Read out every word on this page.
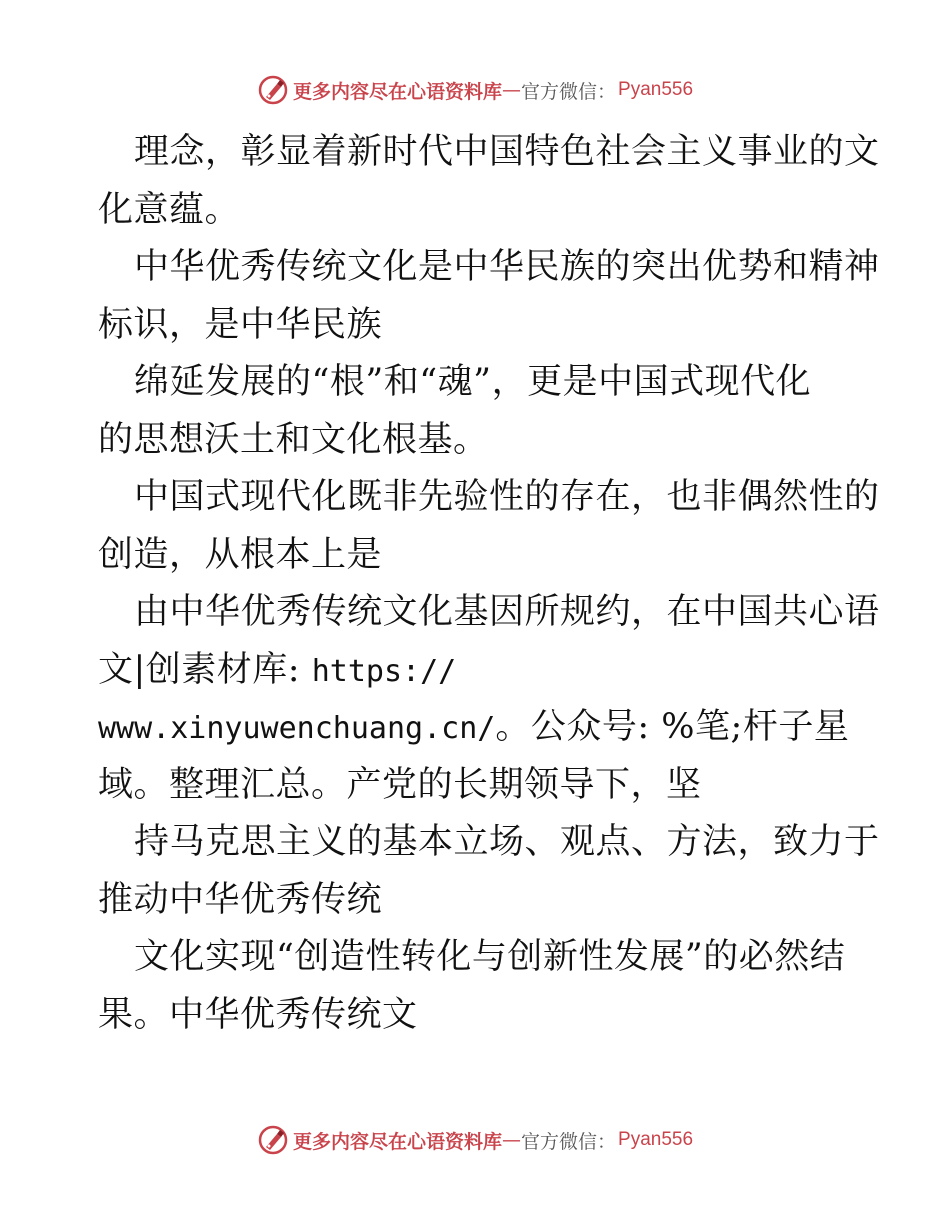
更多内容尽在心语资料库 — 官方微信 ： Pyan556
理念，彰显着新时代中国特色社会主义事业的文
化意蕴。
中华优秀传统文化是中华民族的突出优势和精神
标识，是中华民族
绵延发展的“根”和“魂”，更是中国式现代化
的思想沃土和文化根基。
中国式现代化既非先验性的存在，也非偶然性的
创造，从根本上是
由中华优秀传统文化基因所规约，在中国共心语
文|创素材库: https://
www.xinyuwenchuang.cn/。公众号: %笔;杆子星
域。整理汇总。产党的长期领导下，坚
持马克思主义的基本立场、观点、方法，致力于
推动中华优秀传统
文化实现“创造性转化与创新性发展”的必然结
果。中华优秀传统文
更多内容尽在心语资料库 — 官方微信 ： Pyan556
